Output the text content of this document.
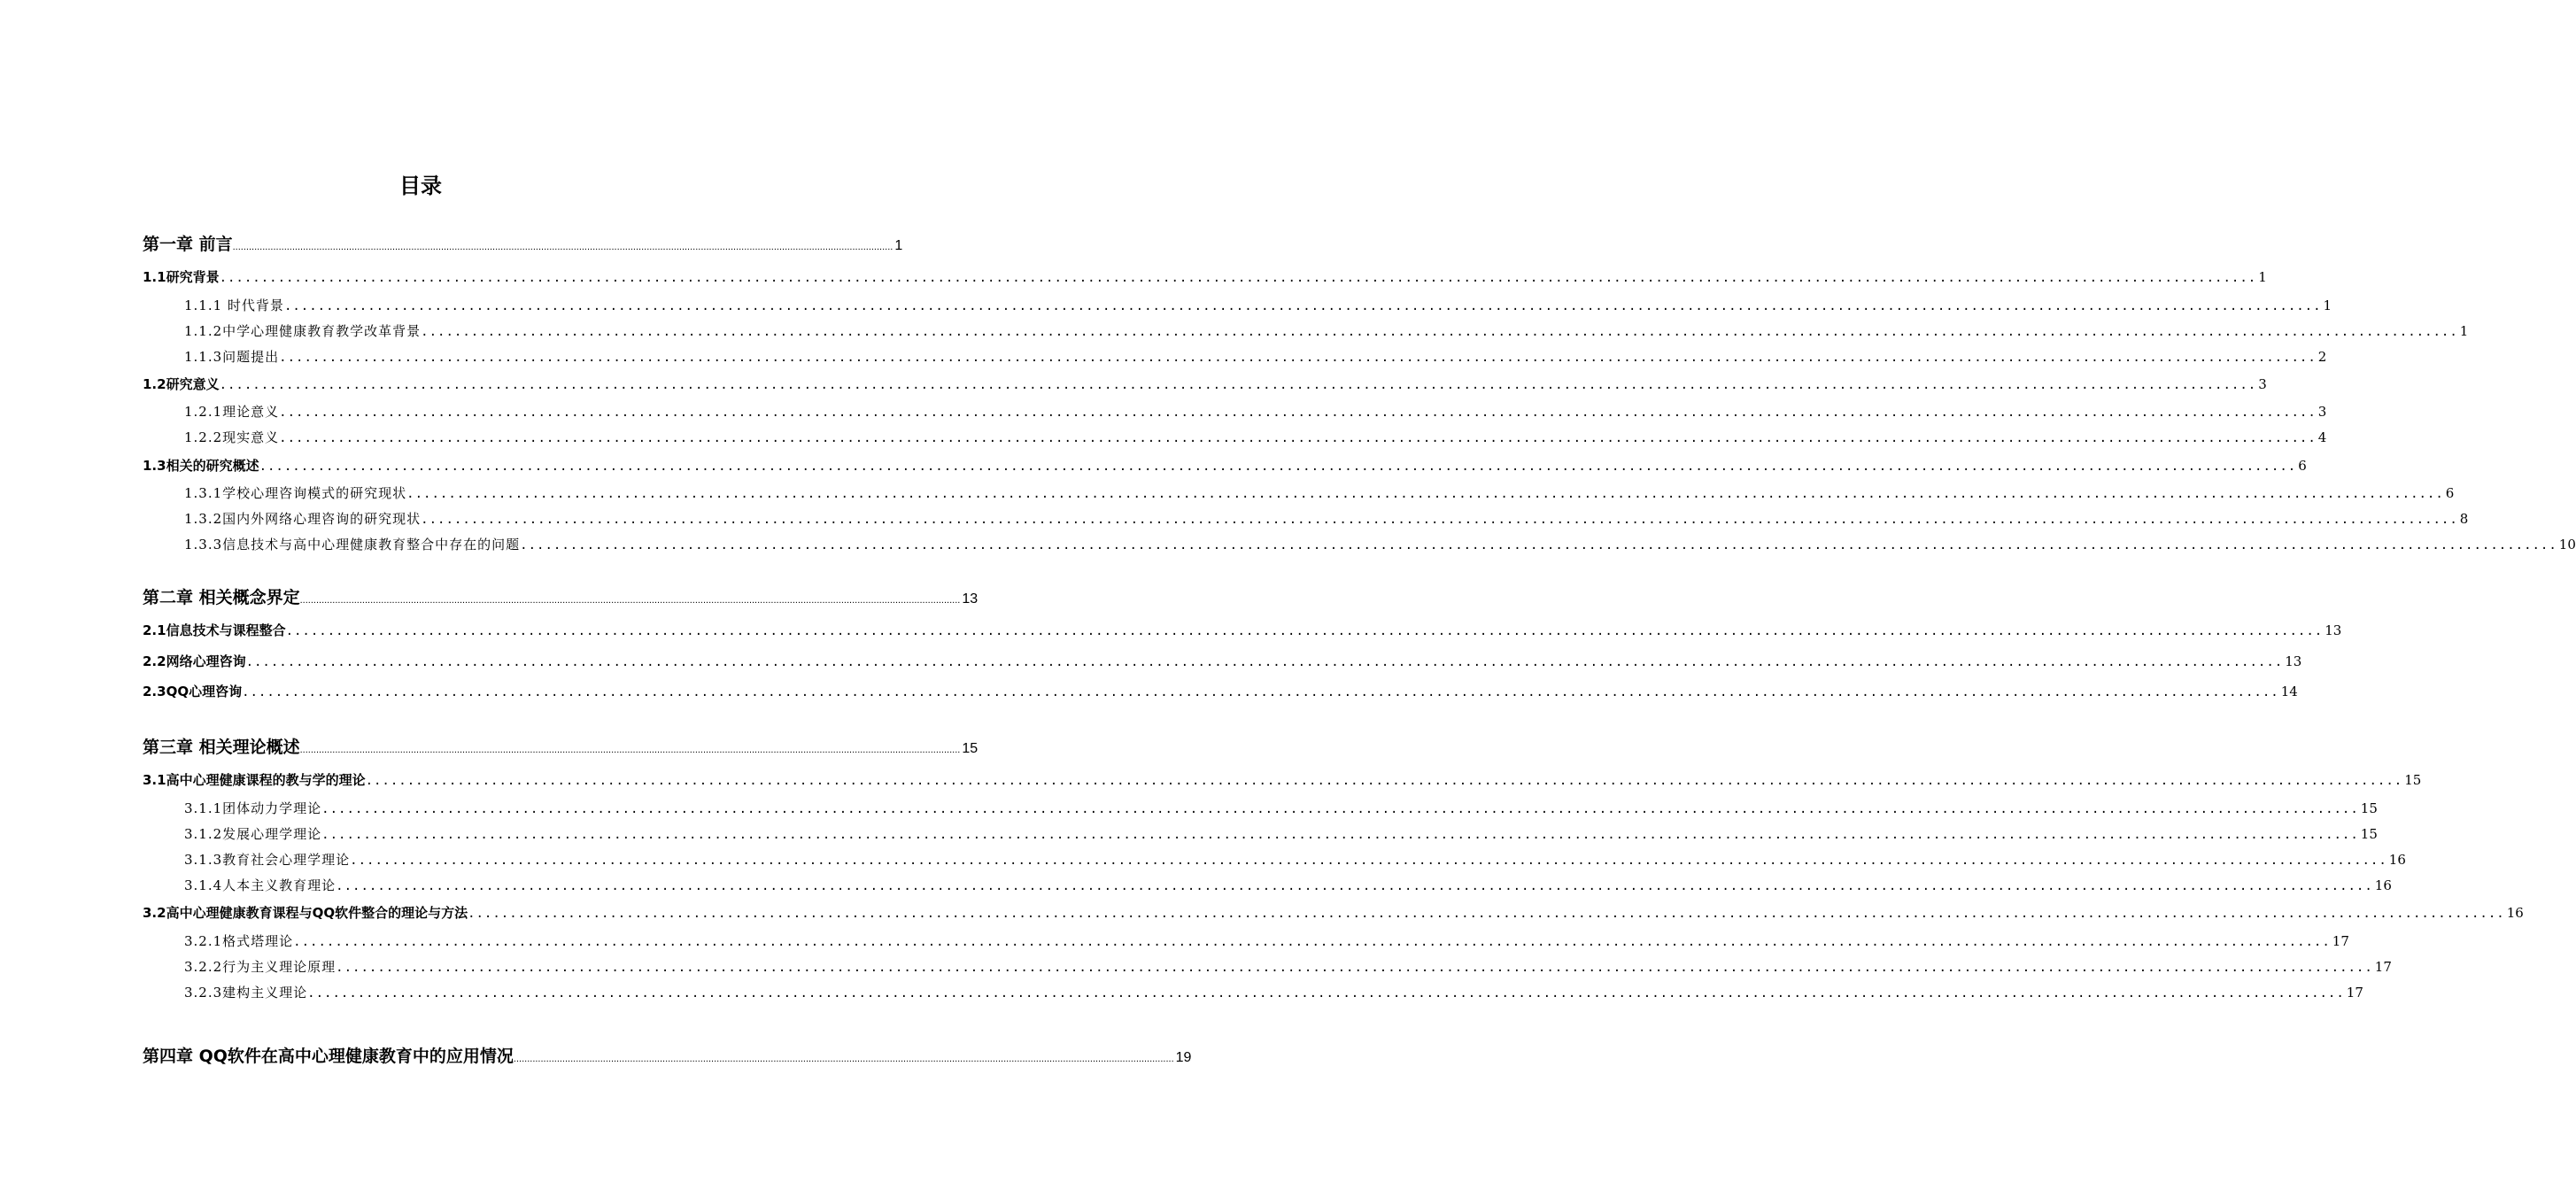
目录
第一章 前言 .................................................................................................................................................................................................................................................... 1
1.1研究背景 .................................................................................................................................................................................................................................................... 1
1.1.1 时代背景 .................................................................................................................................................................................................................................................... 1
1.1.2中学心理健康教育教学改革背景 .................................................................................................................................................................................................................................................... 1
1.1.3问题提出 .................................................................................................................................................................................................................................................... 2
1.2研究意义 .................................................................................................................................................................................................................................................... 3
1.2.1理论意义 .................................................................................................................................................................................................................................................... 3
1.2.2现实意义 .................................................................................................................................................................................................................................................... 4
1.3相关的研究概述 .................................................................................................................................................................................................................................................... 6
1.3.1学校心理咨询模式的研究现状 .................................................................................................................................................................................................................................................... 6
1.3.2国内外网络心理咨询的研究现状 .................................................................................................................................................................................................................................................... 8
1.3.3信息技术与高中心理健康教育整合中存在的问题 .................................................................................................................................................................................................................................................... 10
第二章 相关概念界定 .................................................................................................................................................................................................................................................... 13
2.1信息技术与课程整合 .................................................................................................................................................................................................................................................... 13
2.2网络心理咨询 .................................................................................................................................................................................................................................................... 13
2.3QQ心理咨询 .................................................................................................................................................................................................................................................... 14
第三章 相关理论概述 .................................................................................................................................................................................................................................................... 15
3.1高中心理健康课程的教与学的理论 .................................................................................................................................................................................................................................................... 15
3.1.1团体动力学理论 .................................................................................................................................................................................................................................................... 15
3.1.2发展心理学理论 .................................................................................................................................................................................................................................................... 15
3.1.3教育社会心理学理论 .................................................................................................................................................................................................................................................... 16
3.1.4人本主义教育理论 .................................................................................................................................................................................................................................................... 16
3.2高中心理健康教育课程与QQ软件整合的理论与方法 .................................................................................................................................................................................................................................................... 16
3.2.1格式塔理论 .................................................................................................................................................................................................................................................... 17
3.2.2行为主义理论原理 .................................................................................................................................................................................................................................................... 17
3.2.3建构主义理论 .................................................................................................................................................................................................................................................... 17
第四章 QQ软件在高中心理健康教育中的应用情况 .................................................................................................................................................................................................................................................... 19
